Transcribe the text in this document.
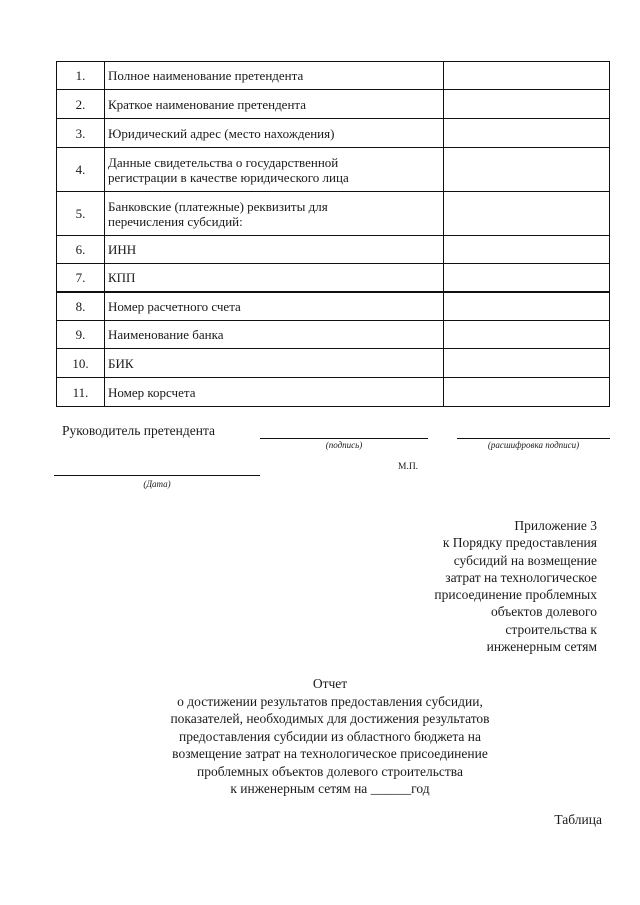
1.	Полное наименование претендента	

2.	Краткое наименование претендента	

3.	Юридический адрес (место нахождения)	

4.	Данные свидетельства о государственной
регистрации в качестве юридического лица	

5.	Банковские (платежные) реквизиты для
перечисления субсидий:	

6.	ИНН	

7.	КПП	

8.	Номер расчетного счета	

9.	Наименование банка	

10.	БИК	

11.	Номер корсчета	

Руководитель претендента
(подпись)	(расшифровка подписи)
(Дата)
М.П.
Приложение 3
к Порядку предоставления
субсидий на возмещение
затрат на технологическое
присоединение проблемных
объектов долевого
строительства к
инженерным сетям
Отчет
о достижении результатов предоставления субсидии,
показателей, необходимых для достижения результатов
предоставления субсидии из областного бюджета на
возмещение затрат на технологическое присоединение
проблемных объектов долевого строительства
к инженерным сетям на ______год
Таблица
